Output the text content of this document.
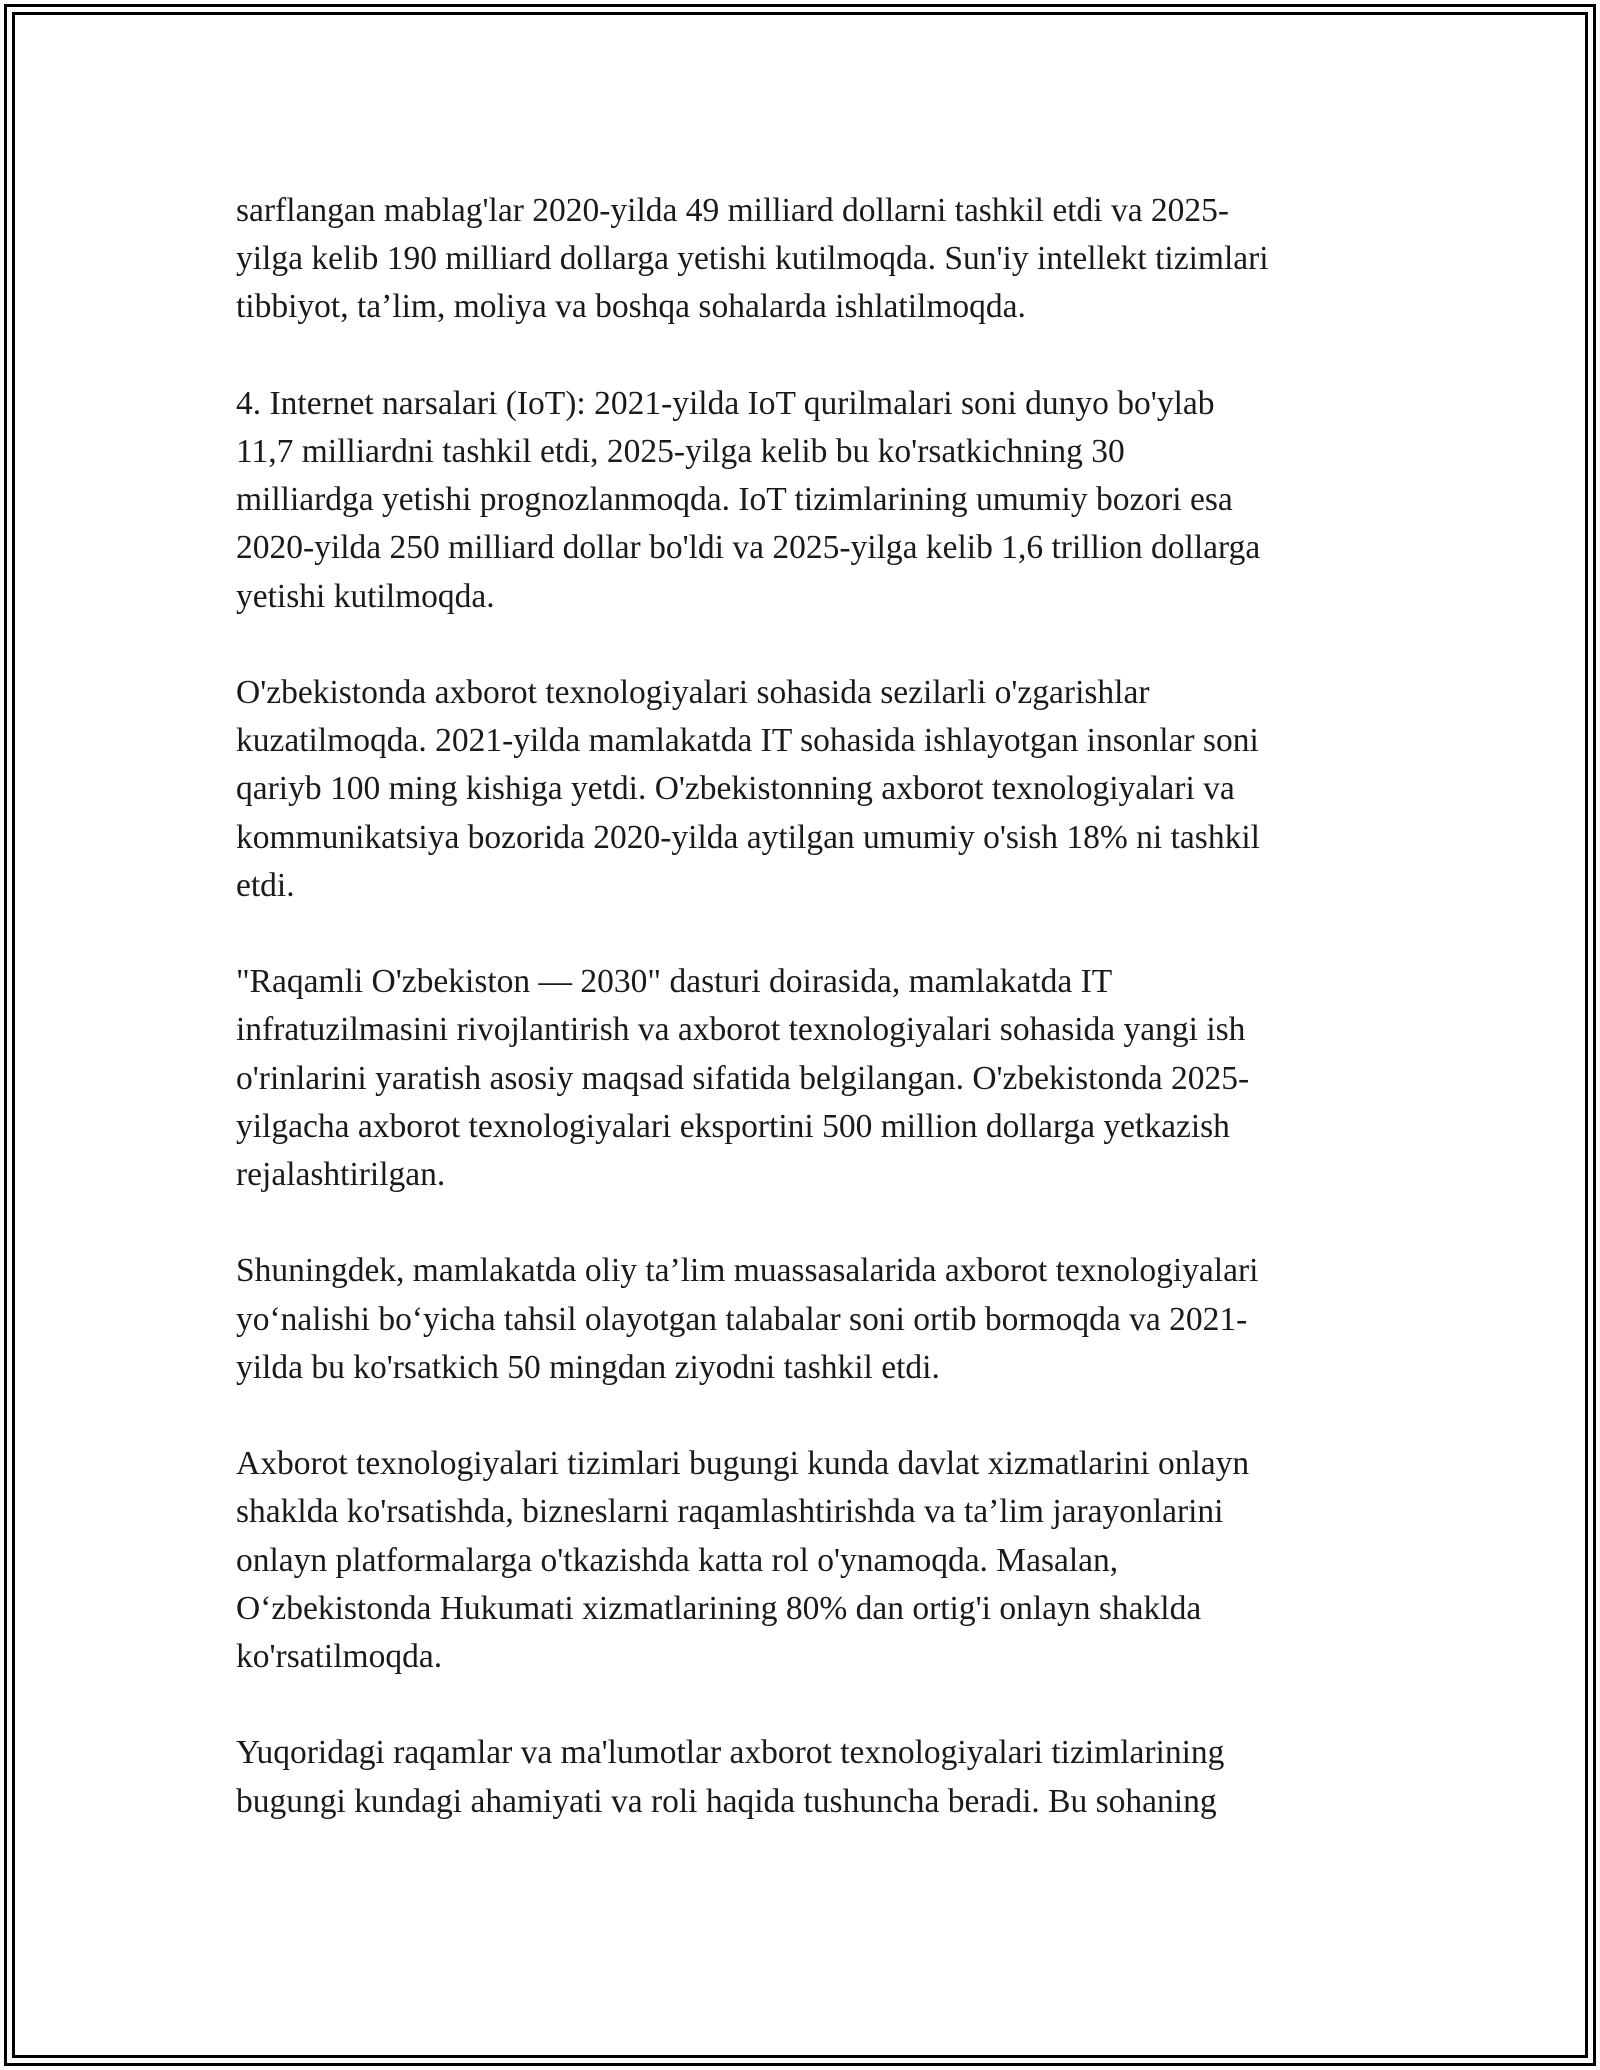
sarflangan mablag'lar 2020-yilda 49 milliard dollarni tashkil etdi va 2025-
yilga kelib 190 milliard dollarga yetishi kutilmoqda. Sun'iy intellekt tizimlari
tibbiyot, ta’lim, moliya va boshqa sohalarda ishlatilmoqda.

4. Internet narsalari (IoT): 2021-yilda IoT qurilmalari soni dunyo bo'ylab
11,7 milliardni tashkil etdi, 2025-yilga kelib bu ko'rsatkichning 30
milliardga yetishi prognozlanmoqda. IoT tizimlarining umumiy bozori esa
2020-yilda 250 milliard dollar bo'ldi va 2025-yilga kelib 1,6 trillion dollarga
yetishi kutilmoqda.

O'zbekistonda axborot texnologiyalari sohasida sezilarli o'zgarishlar
kuzatilmoqda. 2021-yilda mamlakatda IT sohasida ishlayotgan insonlar soni
qariyb 100 ming kishiga yetdi. O'zbekistonning axborot texnologiyalari va
kommunikatsiya bozorida 2020-yilda aytilgan umumiy o'sish 18% ni tashkil
etdi.

"Raqamli O'zbekiston — 2030" dasturi doirasida, mamlakatda IT
infratuzilmasini rivojlantirish va axborot texnologiyalari sohasida yangi ish
o'rinlarini yaratish asosiy maqsad sifatida belgilangan. O'zbekistonda 2025-
yilgacha axborot texnologiyalari eksportini 500 million dollarga yetkazish
rejalashtirilgan.

Shuningdek, mamlakatda oliy ta’lim muassasalarida axborot texnologiyalari
yo‘nalishi bo‘yicha tahsil olayotgan talabalar soni ortib bormoqda va 2021-
yilda bu ko'rsatkich 50 mingdan ziyodni tashkil etdi.

Axborot texnologiyalari tizimlari bugungi kunda davlat xizmatlarini onlayn
shaklda ko'rsatishda, bizneslarni raqamlashtirishda va ta’lim jarayonlarini
onlayn platformalarga o'tkazishda katta rol o'ynamoqda. Masalan,
O‘zbekistonda Hukumati xizmatlarining 80% dan ortig'i onlayn shaklda
ko'rsatilmoqda.

Yuqoridagi raqamlar va ma'lumotlar axborot texnologiyalari tizimlarining
bugungi kundagi ahamiyati va roli haqida tushuncha beradi. Bu sohaning
